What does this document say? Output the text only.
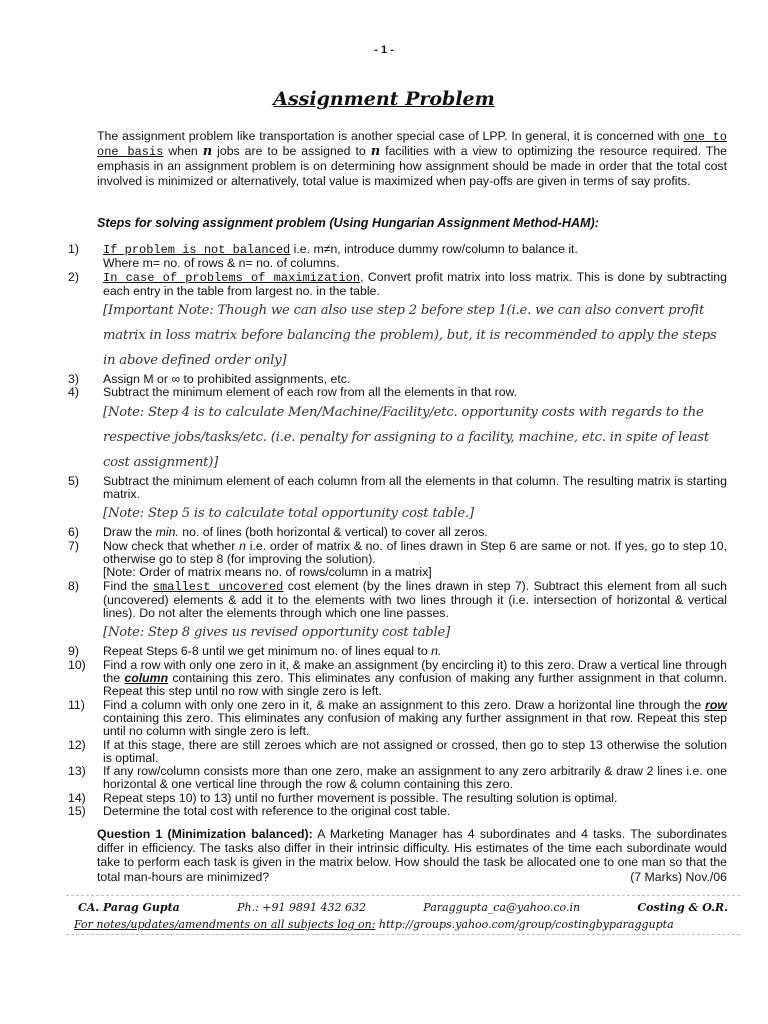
- 1 -
Assignment Problem
The assignment problem like transportation is another special case of LPP. In general, it is concerned with one to one basis when n jobs are to be assigned to n facilities with a view to optimizing the resource required. The emphasis in an assignment problem is on determining how assignment should be made in order that the total cost involved is minimized or alternatively, total value is maximized when pay-offs are given in terms of say profits.
Steps for solving assignment problem (Using Hungarian Assignment Method-HAM):
1)	If problem is not balanced i.e. m≠n, introduce dummy row/column to balance it.
Where m= no. of rows & n= no. of columns.
2)	In case of problems of maximization, Convert profit matrix into loss matrix. This is done by subtracting each entry in the table from largest no. in the table.
[Important Note: Though we can also use step 2 before step 1(i.e. we can also convert profit matrix in loss matrix before balancing the problem), but, it is recommended to apply the steps in above defined order only]
3)	Assign M or ∞ to prohibited assignments, etc.
4)	Subtract the minimum element of each row from all the elements in that row.
[Note: Step 4 is to calculate Men/Machine/Facility/etc. opportunity costs with regards to the respective jobs/tasks/etc. (i.e. penalty for assigning to a facility, machine, etc. in spite of least cost assignment)]
5)	Subtract the minimum element of each column from all the elements in that column. The resulting matrix is starting matrix.
[Note: Step 5 is to calculate total opportunity cost table.]
6)	Draw the min. no. of lines (both horizontal & vertical) to cover all zeros.
7)	Now check that whether n i.e. order of matrix & no. of lines drawn in Step 6 are same or not. If yes, go to step 10, otherwise go to step 8 (for improving the solution).
[Note: Order of matrix means no. of rows/column in a matrix]
8)	Find the smallest uncovered cost element (by the lines drawn in step 7). Subtract this element from all such (uncovered) elements & add it to the elements with two lines through it (i.e. intersection of horizontal & vertical lines). Do not alter the elements through which one line passes.
[Note: Step 8 gives us revised opportunity cost table]
9)	Repeat Steps 6-8 until we get minimum no. of lines equal to n.
10)	Find a row with only one zero in it, & make an assignment (by encircling it) to this zero. Draw a vertical line through the column containing this zero. This eliminates any confusion of making any further assignment in that column. Repeat this step until no row with single zero is left.
11)	Find a column with only one zero in it, & make an assignment to this zero. Draw a horizontal line through the row containing this zero. This eliminates any confusion of making any further assignment in that row. Repeat this step until no column with single zero is left.
12)	If at this stage, there are still zeroes which are not assigned or crossed, then go to step 13 otherwise the solution is optimal.
13)	If any row/column consists more than one zero, make an assignment to any zero arbitrarily & draw 2 lines i.e. one horizontal & one vertical line through the row & column containing this zero.
14)	Repeat steps 10) to 13) until no further movement is possible. The resulting solution is optimal.
15)	Determine the total cost with reference to the original cost table.
Question 1 (Minimization balanced): A Marketing Manager has 4 subordinates and 4 tasks. The subordinates differ in efficiency. The tasks also differ in their intrinsic difficulty. His estimates of the time each subordinate would take to perform each task is given in the matrix below. How should the task be allocated one to one man so that the total man-hours are minimized?	(7 Marks) Nov./06
CA. Parag Gupta	Ph.: +91 9891 432 632	Paraggupta_ca@yahoo.co.in	Costing & O.R.
For notes/updates/amendments on all subjects log on:
http://groups.yahoo.com/group/costingbyparaggupta
